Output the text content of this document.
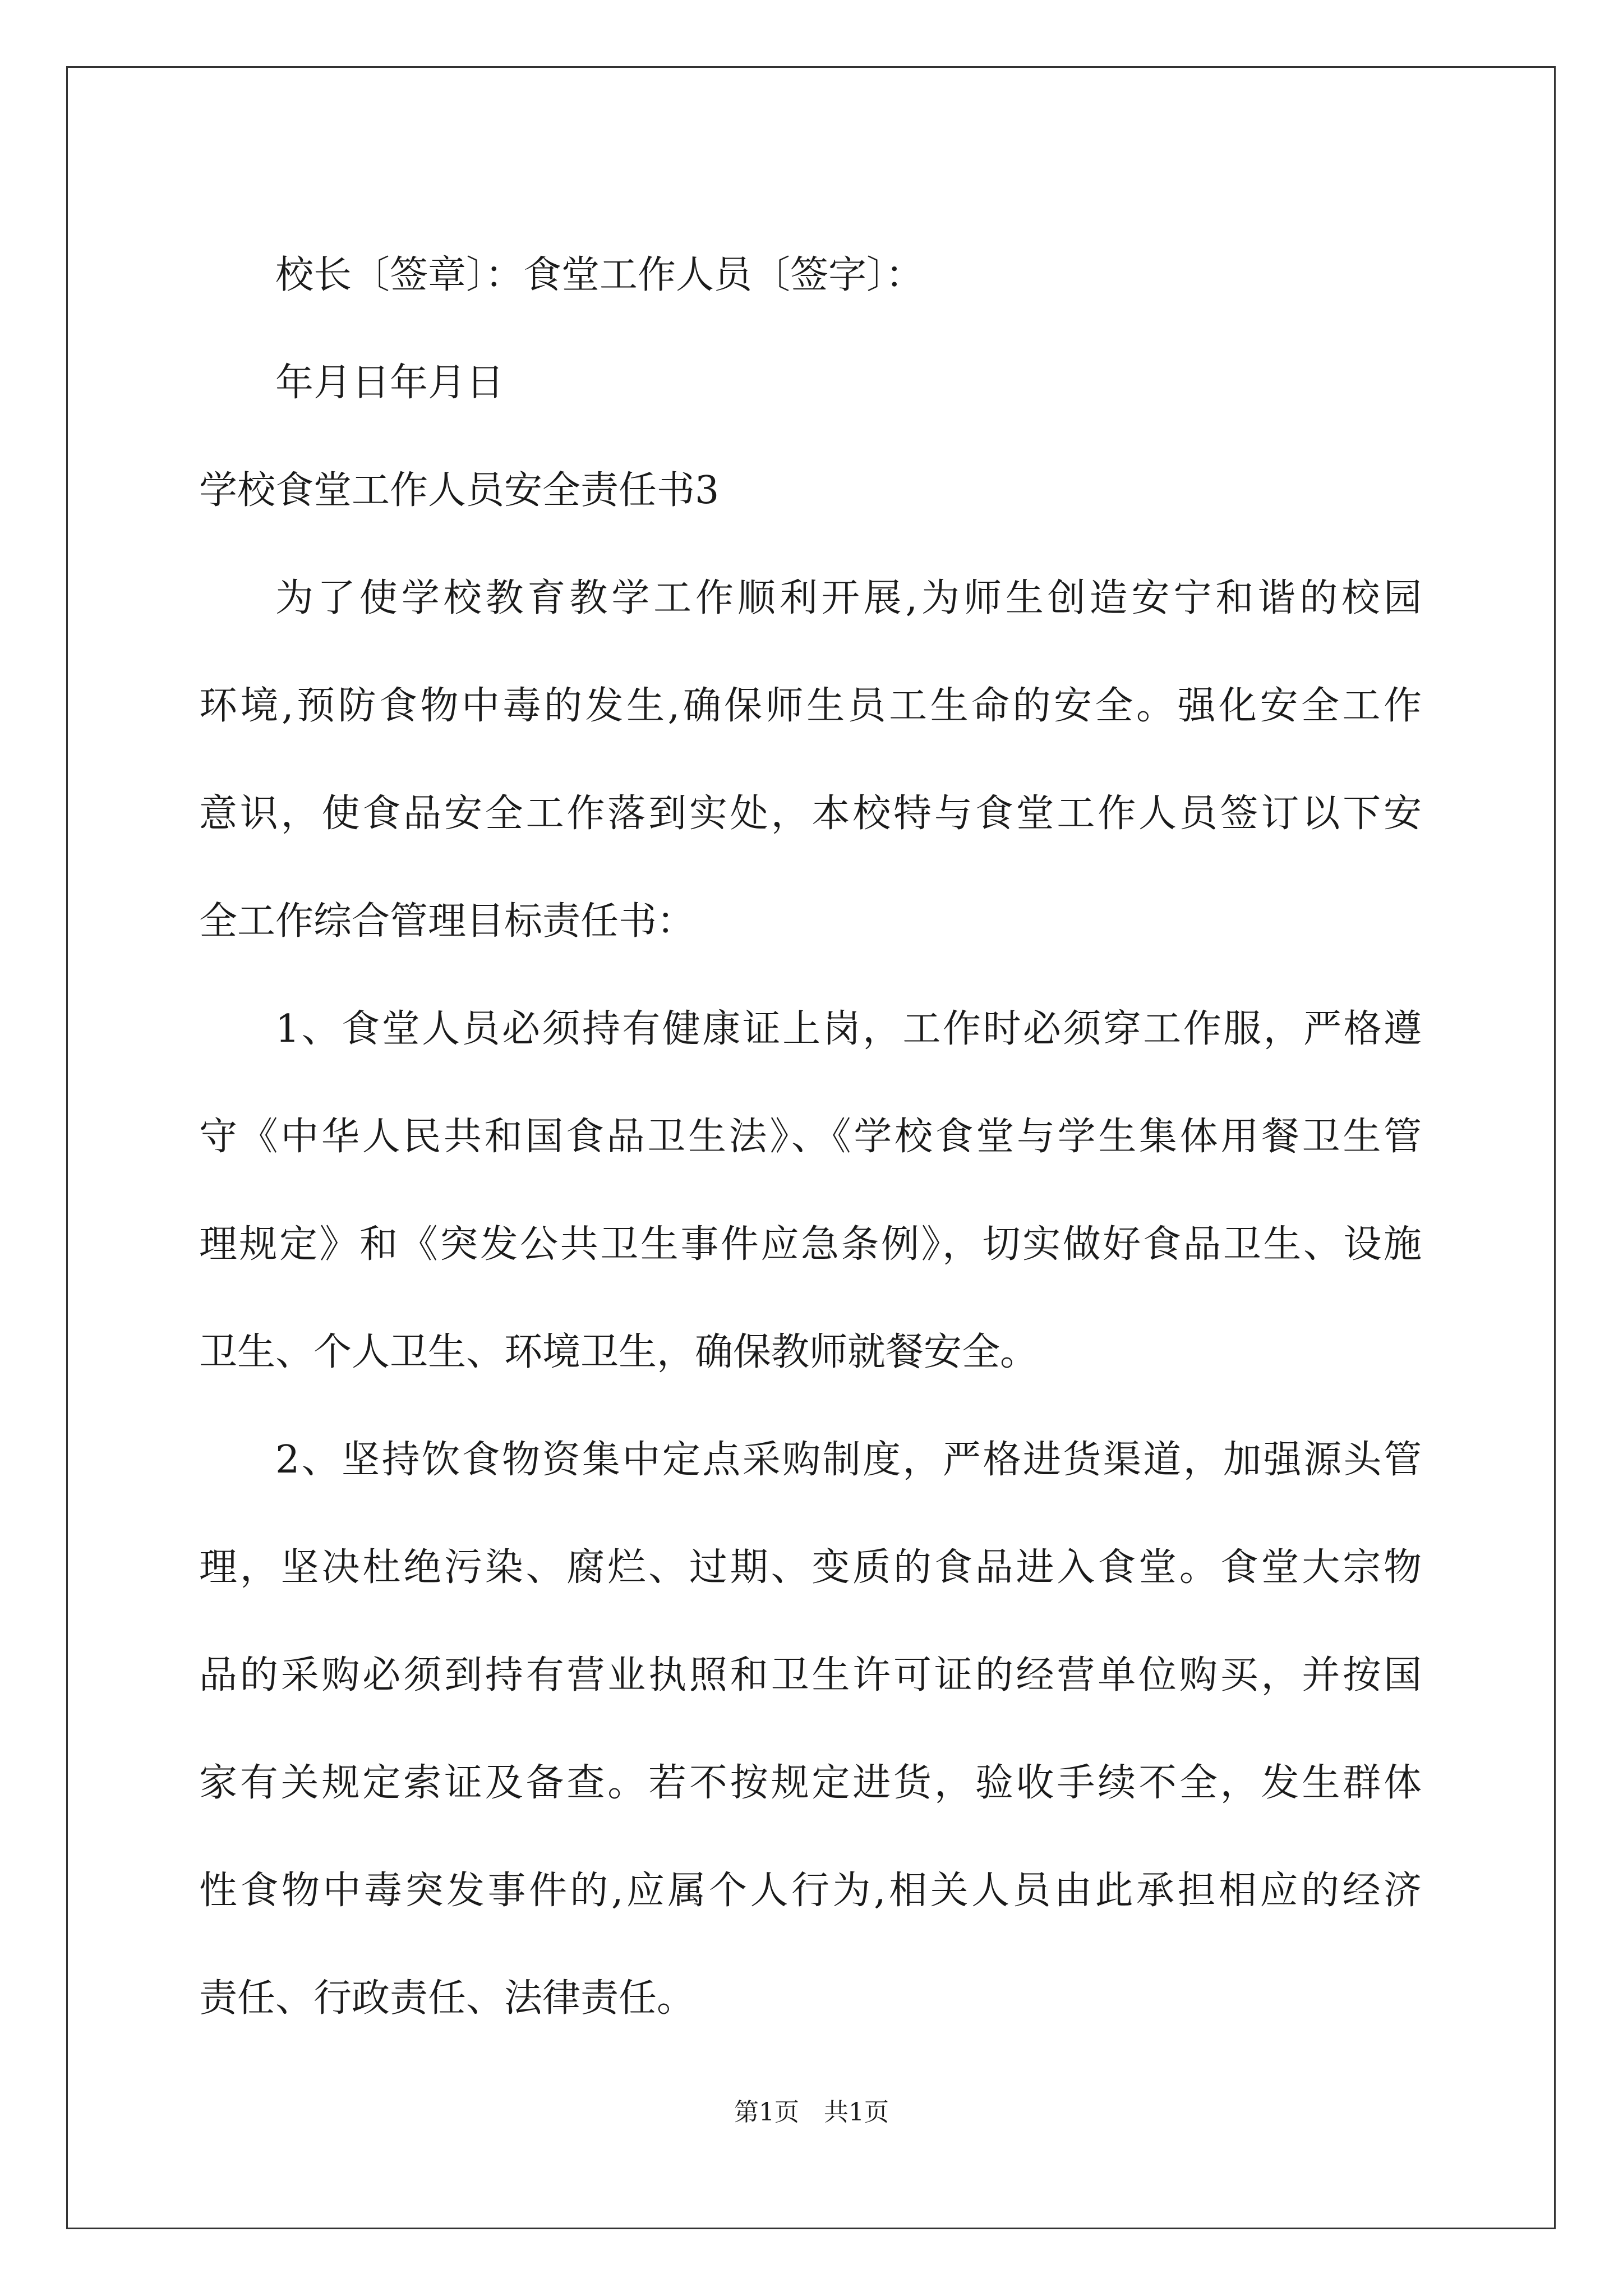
校长〔签章〕：食堂工作人员〔签字〕：
年月日年月日
学校食堂工作人员安全责任书3
为了使学校教育教学工作顺利开展,为师生创造安宁和谐的校园
环境,预防食物中毒的发生,确保师生员工生命的安全。强化安全工作
意识，使食品安全工作落到实处，本校特与食堂工作人员签订以下安
全工作综合管理目标责任书：
1、食堂人员必须持有健康证上岗，工作时必须穿工作服，严格遵
守《中华人民共和国食品卫生法》、《学校食堂与学生集体用餐卫生管
理规定》和《突发公共卫生事件应急条例》，切实做好食品卫生、设施
卫生、个人卫生、环境卫生，确保教师就餐安全。
2、坚持饮食物资集中定点采购制度，严格进货渠道，加强源头管
理，坚决杜绝污染、腐烂、过期、变质的食品进入食堂。食堂大宗物
品的采购必须到持有营业执照和卫生许可证的经营单位购买，并按国
家有关规定索证及备查。若不按规定进货，验收手续不全，发生群体
性食物中毒突发事件的,应属个人行为,相关人员由此承担相应的经济
责任、行政责任、法律责任。
第1页 共1页
